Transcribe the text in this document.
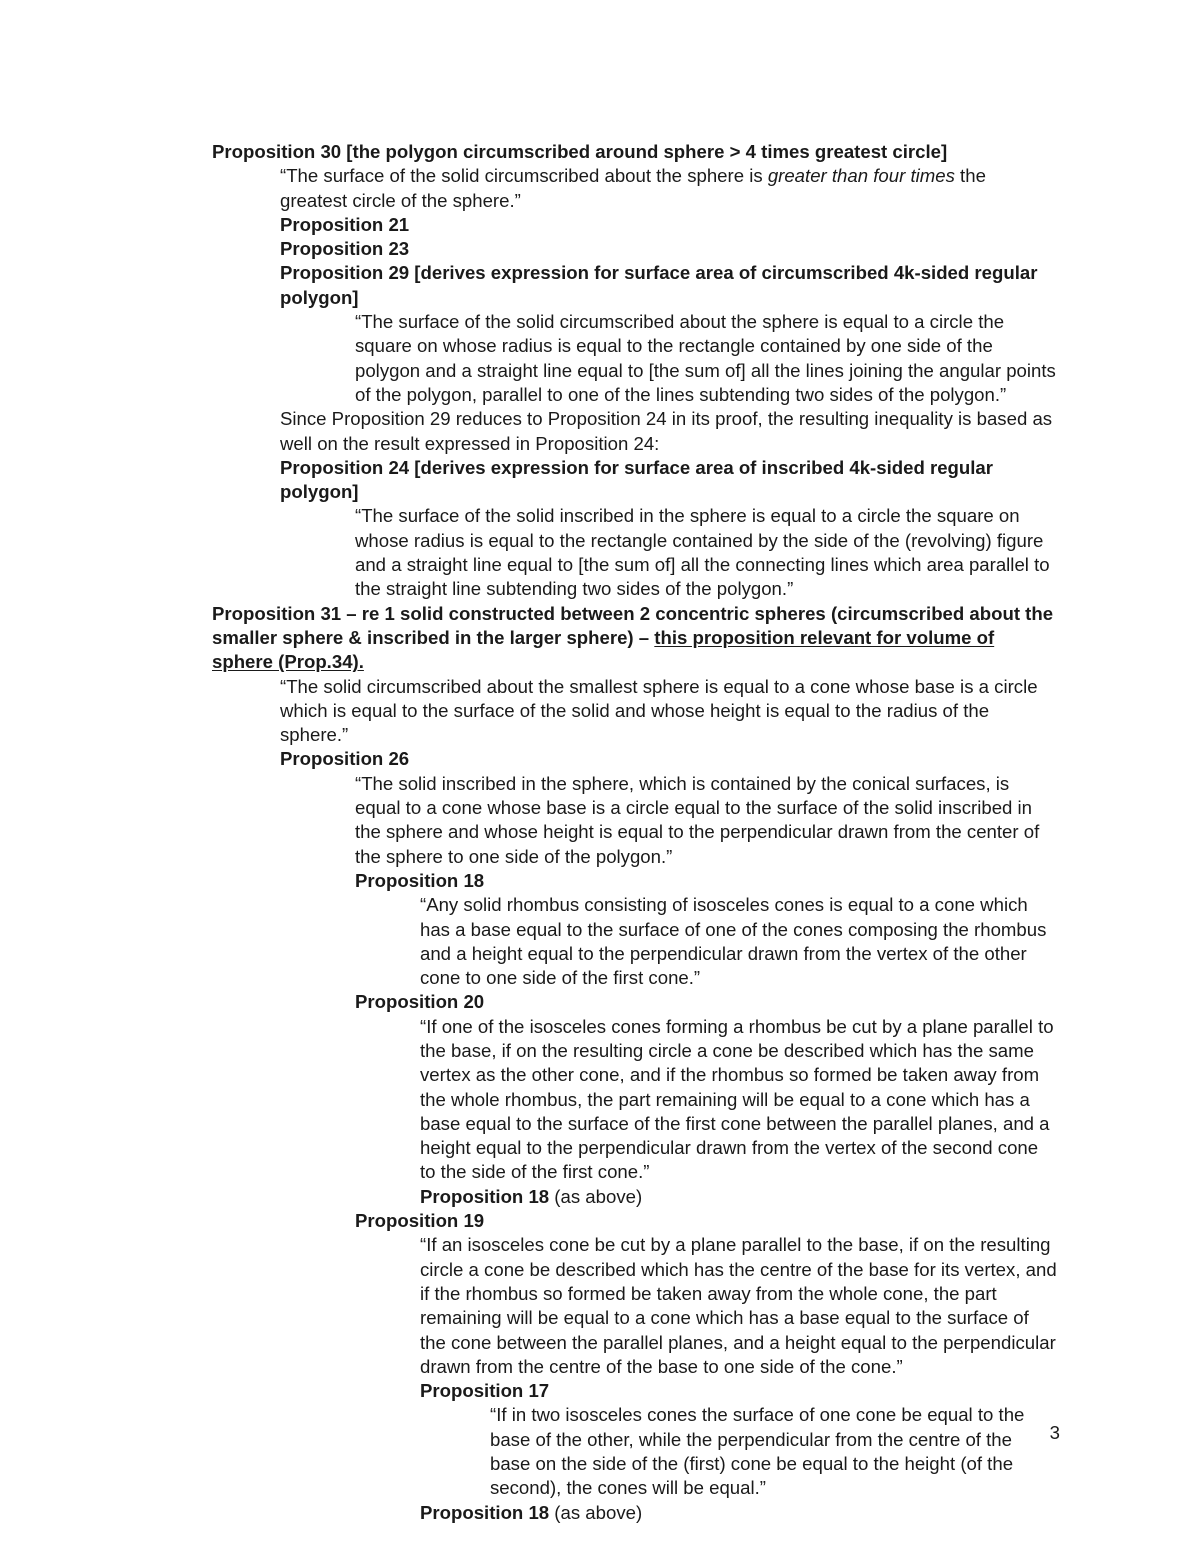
Proposition 30 [the polygon circumscribed around sphere > 4 times greatest circle]

“The surface of the solid circumscribed about the sphere is greater than four times the greatest circle of the sphere.”

Proposition 21

Proposition 23

Proposition 29 [derives expression for surface area of circumscribed 4k-sided regular polygon]

“The surface of the solid circumscribed about the sphere is equal to a circle the square on whose radius is equal to the rectangle contained by one side of the polygon and a straight line equal to [the sum of] all the lines joining the angular points of the polygon, parallel to one of the lines subtending two sides of the polygon.”

Since Proposition 29 reduces to Proposition 24 in its proof, the resulting inequality is based as well on the result expressed in Proposition 24:

Proposition 24 [derives expression for surface area of inscribed 4k-sided regular polygon]

“The surface of the solid inscribed in the sphere is equal to a circle the square on whose radius is equal to the rectangle contained by the side of the (revolving) figure and a straight line equal to [the sum of] all the connecting lines which area parallel to the straight line subtending two sides of the polygon.”

Proposition 31 – re 1 solid constructed between 2 concentric spheres (circumscribed about the smaller sphere & inscribed in the larger sphere) – this proposition relevant for volume of sphere (Prop.34).

“The solid circumscribed about the smallest sphere is equal to a cone whose base is a circle which is equal to the surface of the solid and whose height is equal to the radius of the sphere.”

Proposition 26

“The solid inscribed in the sphere, which is contained by the conical surfaces, is equal to a cone whose base is a circle equal to the surface of the solid inscribed in the sphere and whose height is equal to the perpendicular drawn from the center of the sphere to one side of the polygon.”

Proposition 18

“Any solid rhombus consisting of isosceles cones is equal to a cone which has a base equal to the surface of one of the cones composing the rhombus and a height equal to the perpendicular drawn from the vertex of the other cone to one side of the first cone.”

Proposition 20

“If one of the isosceles cones forming a rhombus be cut by a plane parallel to the base, if on the resulting circle a cone be described which has the same vertex as the other cone, and if the rhombus so formed be taken away from the whole rhombus, the part remaining will be equal to a cone which has a base equal to the surface of the first cone between the parallel planes, and a height equal to the perpendicular drawn from the vertex of the second cone to the side of the first cone.”

Proposition 18 (as above)

Proposition 19

“If an isosceles cone be cut by a plane parallel to the base, if on the resulting circle a cone be described which has the centre of the base for its vertex, and if the rhombus so formed be taken away from the whole cone, the part remaining will be equal to a cone which has a base equal to the surface of the cone between the parallel planes, and a height equal to the perpendicular drawn from the centre of the base to one side of the cone.”

Proposition 17

“If in two isosceles cones the surface of one cone be equal to the base of the other, while the perpendicular from the centre of the base on the side of the (first) cone be equal to the height (of the second), the cones will be equal.”

Proposition 18 (as above)

3
